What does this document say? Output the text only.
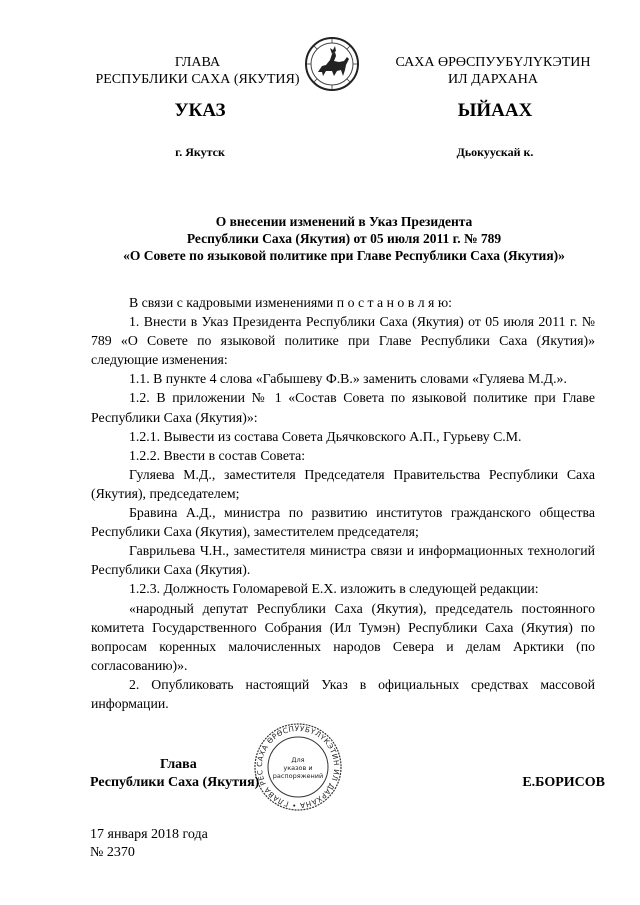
ГЛАВА
РЕСПУБЛИКИ САХА (ЯКУТИЯ)
САХА ӨРӨСПУУБҮЛҮКЭТИН
ИЛ ДАРХАНА
УКАЗ	ЫЙААХ
г. Якутск	Дьокуускай к.
О внесении изменений в Указ Президента
Республики Саха (Якутия) от 05 июля 2011 г. № 789
«О Совете по языковой политике при Главе Республики Саха (Якутия)»

В связи с кадровыми изменениями п о с т а н о в л я ю:

1. Внести в Указ Президента Республики Саха (Якутия) от 05 июля 2011 г. № 789 «О Совете по языковой политике при Главе Республики Саха (Якутия)» следующие изменения:

1.1. В пункте 4 слова «Габышеву Ф.В.» заменить словами «Гуляева М.Д.».

1.2. В приложении № 1 «Состав Совета по языковой политике при Главе Республики Саха (Якутия)»:

1.2.1. Вывести из состава Совета Дьячковского А.П., Гурьеву С.М.

1.2.2. Ввести в состав Совета:

Гуляева М.Д., заместителя Председателя Правительства Республики Саха (Якутия), председателем;

Бравина А.Д., министра по развитию институтов гражданского общества Республики Саха (Якутия), заместителем председателя;

Гаврильева Ч.Н., заместителя министра связи и информационных технологий Республики Саха (Якутия).

1.2.3. Должность Голомаревой Е.Х. изложить в следующей редакции:

«народный депутат Республики Саха (Якутия), председатель постоянного комитета Государственного Собрания (Ил Тумэн) Республики Саха (Якутия) по вопросам коренных малочисленных народов Севера и делам Арктики (по согласованию)».

2. Опубликовать настоящий Указ в официальных средствах массовой информации.

САХА ӨРӨСПУУБҮЛҮКЭТИН ИЛ ДАРХАНА • ГЛАВА РЕС
Для
указов и
распоряжений
Глава
Республики Саха (Якутия)	Е.БОРИСОВ
17 января 2018 года
№ 2370
